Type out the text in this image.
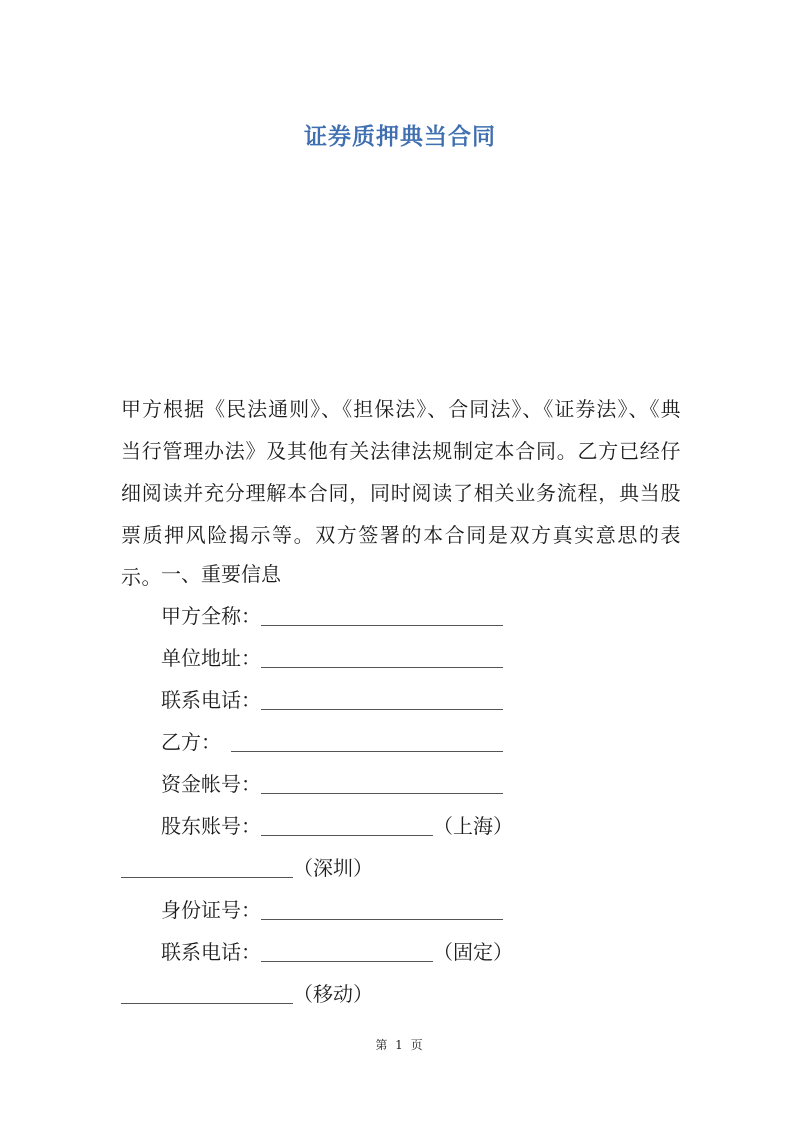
证券质押典当合同
甲方根据《民法通则》、《担保法》、合同法》、《证券法》、《典当行管理办法》及其他有关法律法规制定本合同。乙方已经仔细阅读并充分理解本合同，同时阅读了相关业务流程，典当股票质押风险揭示等。双方签署的本合同是双方真实意思的表示。 一、重要信息
甲方全称：
单位地址：
联系电话：
乙方：
资金帐号：
股东账号：	（上海）
（深圳）
身份证号：
联系电话：	（固定）
（移动）
第 1 页
